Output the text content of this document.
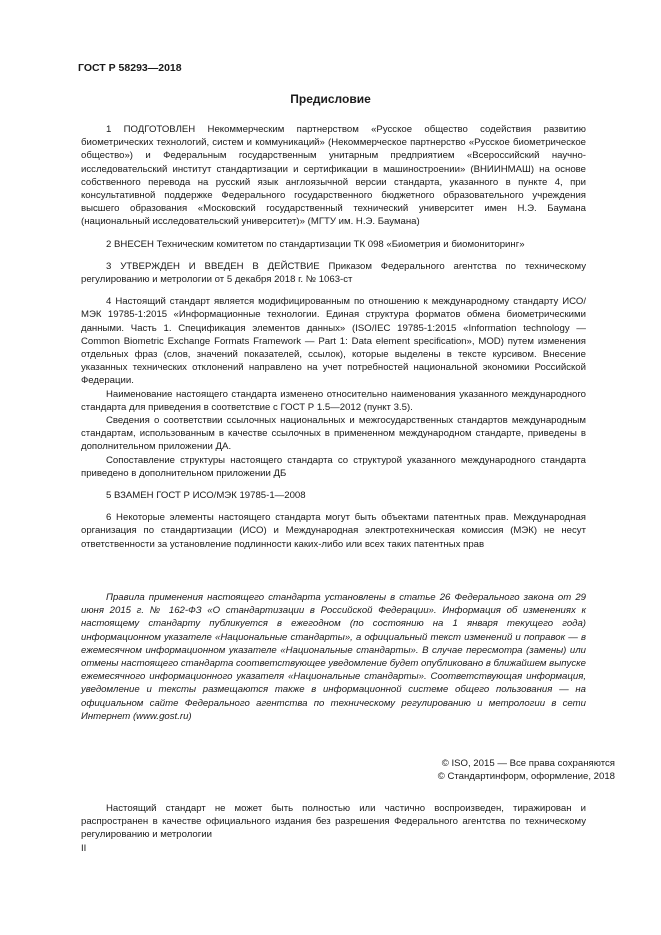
ГОСТ Р 58293—2018
Предисловие

1 ПОДГОТОВЛЕН Некоммерческим партнерством «Русское общество содействия развитию биометрических технологий, систем и коммуникаций» (Некоммерческое партнерство «Русское биометрическое общество») и Федеральным государственным унитарным предприятием «Всероссийский научно-исследовательский институт стандартизации и сертификации в машиностроении» (ВНИИНМАШ) на основе собственного перевода на русский язык англоязычной версии стандарта, указанного в пункте 4, при консультативной поддержке Федерального государственного бюджетного образовательного учреждения высшего образования «Московский государственный технический университет имен Н.Э. Баумана (национальный исследовательский университет)» (МГТУ им. Н.Э. Баумана)

2 ВНЕСЕН Техническим комитетом по стандартизации ТК 098 «Биометрия и биомониторинг»

3 УТВЕРЖДЕН И ВВЕДЕН В ДЕЙСТВИЕ Приказом Федерального агентства по техническому регулированию и метрологии от 5 декабря 2018 г. № 1063-ст

4 Настоящий стандарт является модифицированным по отношению к международному стандарту ИСО/МЭК 19785-1:2015 «Информационные технологии. Единая структура форматов обмена биометрическими данными. Часть 1. Спецификация элементов данных» (ISO/IEC 19785-1:2015 «Information technology — Common Biometric Exchange Formats Framework — Part 1: Data element specification», MOD) путем изменения отдельных фраз (слов, значений показателей, ссылок), которые выделены в тексте курсивом. Внесение указанных технических отклонений направлено на учет потребностей национальной экономики Российской Федерации.

Наименование настоящего стандарта изменено относительно наименования указанного международного стандарта для приведения в соответствие с ГОСТ Р 1.5—2012 (пункт 3.5).

Сведения о соответствии ссылочных национальных и межгосударственных стандартов международным стандартам, использованным в качестве ссылочных в примененном международном стандарте, приведены в дополнительном приложении ДА.

Сопоставление структуры настоящего стандарта со структурой указанного международного стандарта приведено в дополнительном приложении ДБ

5 ВЗАМЕН ГОСТ Р ИСО/МЭК 19785-1—2008

6 Некоторые элементы настоящего стандарта могут быть объектами патентных прав. Международная организация по стандартизации (ИСО) и Международная электротехническая комиссия (МЭК) не несут ответственности за установление подлинности каких-либо или всех таких патентных прав

Правила применения настоящего стандарта установлены в статье 26 Федерального закона от 29 июня 2015 г. № 162-ФЗ «О стандартизации в Российской Федерации». Информация об изменениях к настоящему стандарту публикуется в ежегодном (по состоянию на 1 января текущего года) информационном указателе «Национальные стандарты», а официальный текст изменений и поправок — в ежемесячном информационном указателе «Национальные стандарты». В случае пересмотра (замены) или отмены настоящего стандарта соответствующее уведомление будет опубликовано в ближайшем выпуске ежемесячного информационного указателя «Национальные стандарты». Соответствующая информация, уведомление и тексты размещаются также в информационной системе общего пользования — на официальном сайте Федерального агентства по техническому регулированию и метрологии в сети Интернет (www.gost.ru)

© ISO, 2015 — Все права сохраняются
© Стандартинформ, оформление, 2018

Настоящий стандарт не может быть полностью или частично воспроизведен, тиражирован и распространен в качестве официального издания без разрешения Федерального агентства по техническому регулированию и метрологии

II
